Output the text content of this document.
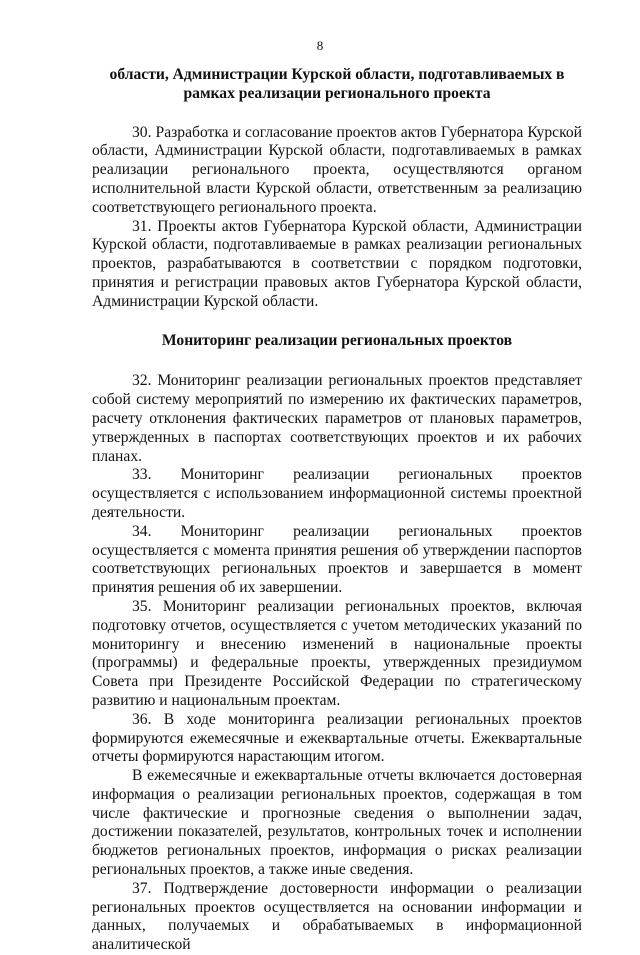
8
области, Администрации Курской области, подготавливаемых в
рамках реализации регионального проекта

30. Разработка и согласование проектов актов Губернатора Курской области, Администрации Курской области, подготавливаемых в рамках реализации регионального проекта, осуществляются органом исполнительной власти Курской области, ответственным за реализацию соответствующего регионального проекта.

31. Проекты актов Губернатора Курской области, Администрации Курской области, подготавливаемые в рамках реализации региональных проектов, разрабатываются в соответствии с порядком подготовки, принятия и регистрации правовых актов Губернатора Курской области, Администрации Курской области.

Мониторинг реализации региональных проектов

32. Мониторинг реализации региональных проектов представляет собой систему мероприятий по измерению их фактических параметров, расчету отклонения фактических параметров от плановых параметров, утвержденных в паспортах соответствующих проектов и их рабочих планах.

33. Мониторинг реализации региональных проектов осуществляется с использованием информационной системы проектной деятельности.

34. Мониторинг реализации региональных проектов осуществляется с момента принятия решения об утверждении паспортов соответствующих региональных проектов и завершается в момент принятия решения об их завершении.

35. Мониторинг реализации региональных проектов, включая подготовку отчетов, осуществляется с учетом методических указаний по мониторингу и внесению изменений в национальные проекты (программы) и федеральные проекты, утвержденных президиумом Совета при Президенте Российской Федерации по стратегическому развитию и национальным проектам.

36. В ходе мониторинга реализации региональных проектов формируются ежемесячные и ежеквартальные отчеты. Ежеквартальные отчеты формируются нарастающим итогом.

В ежемесячные и ежеквартальные отчеты включается достоверная информация о реализации региональных проектов, содержащая в том числе фактические и прогнозные сведения о выполнении задач, достижении показателей, результатов, контрольных точек и исполнении бюджетов региональных проектов, информация о рисках реализации региональных проектов, а также иные сведения.

37. Подтверждение достоверности информации о реализации региональных проектов осуществляется на основании информации и данных, получаемых и обрабатываемых в информационной аналитической
